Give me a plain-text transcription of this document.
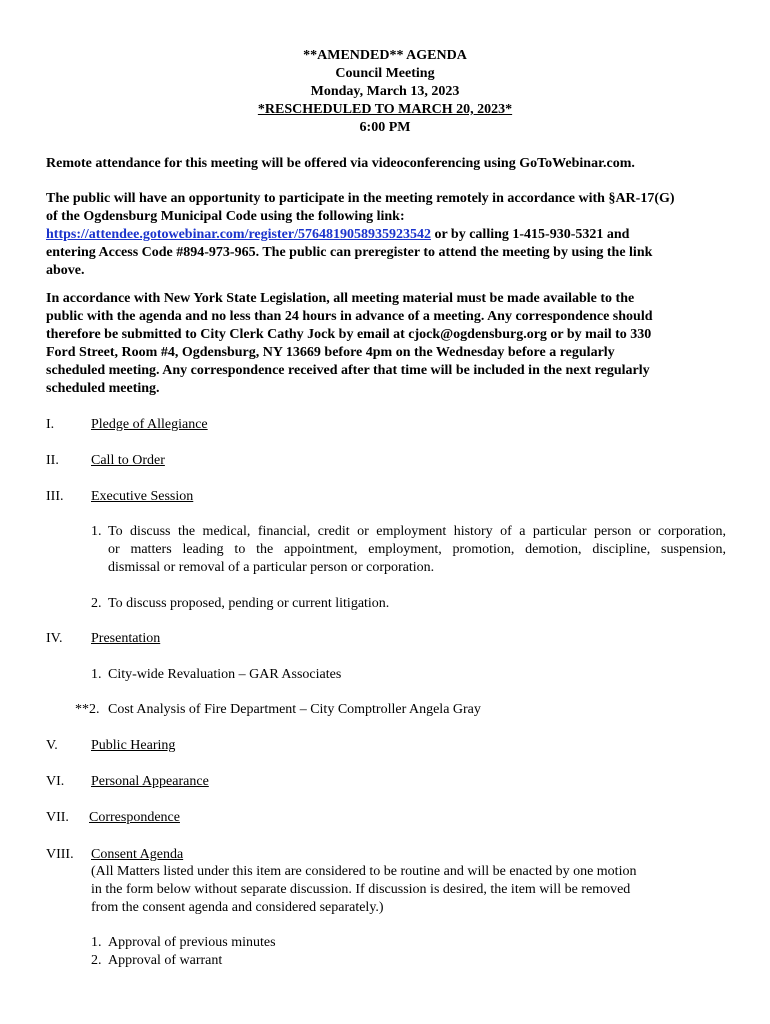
**AMENDED** AGENDA
Council Meeting
Monday, March 13, 2023
*RESCHEDULED TO MARCH 20, 2023*
6:00 PM
Remote attendance for this meeting will be offered via videoconferencing using GoToWebinar.com.
The public will have an opportunity to participate in the meeting remotely in accordance with §AR-17(G)
of the Ogdensburg Municipal Code using the following link:
https://attendee.gotowebinar.com/register/5764819058935923542 or by calling 1-415-930-5321 and
entering Access Code #894-973-965. The public can preregister to attend the meeting by using the link
above.
In accordance with New York State Legislation, all meeting material must be made available to the
public with the agenda and no less than 24 hours in advance of a meeting. Any correspondence should
therefore be submitted to City Clerk Cathy Jock by email at cjock@ogdensburg.org or by mail to 330
Ford Street, Room #4, Ogdensburg, NY 13669 before 4pm on the Wednesday before a regularly
scheduled meeting. Any correspondence received after that time will be included in the next regularly
scheduled meeting.
I.	Pledge of Allegiance
II. Call to Order
III. Executive Session
1. To discuss the medical, financial, credit or employment history of a particular person or corporation,
or matters leading to the appointment, employment, promotion, demotion, discipline, suspension,
dismissal or removal of a particular person or corporation.
2. To discuss proposed, pending or current litigation.
IV. Presentation
1. City-wide Revaluation – GAR Associates
**2. Cost Analysis of Fire Department – City Comptroller Angela Gray
V. Public Hearing
VI. Personal Appearance
VII. Correspondence
VIII. Consent Agenda
(All Matters listed under this item are considered to be routine and will be enacted by one motion
in the form below without separate discussion. If discussion is desired, the item will be removed
from the consent agenda and considered separately.)
1. Approval of previous minutes
2. Approval of warrant
